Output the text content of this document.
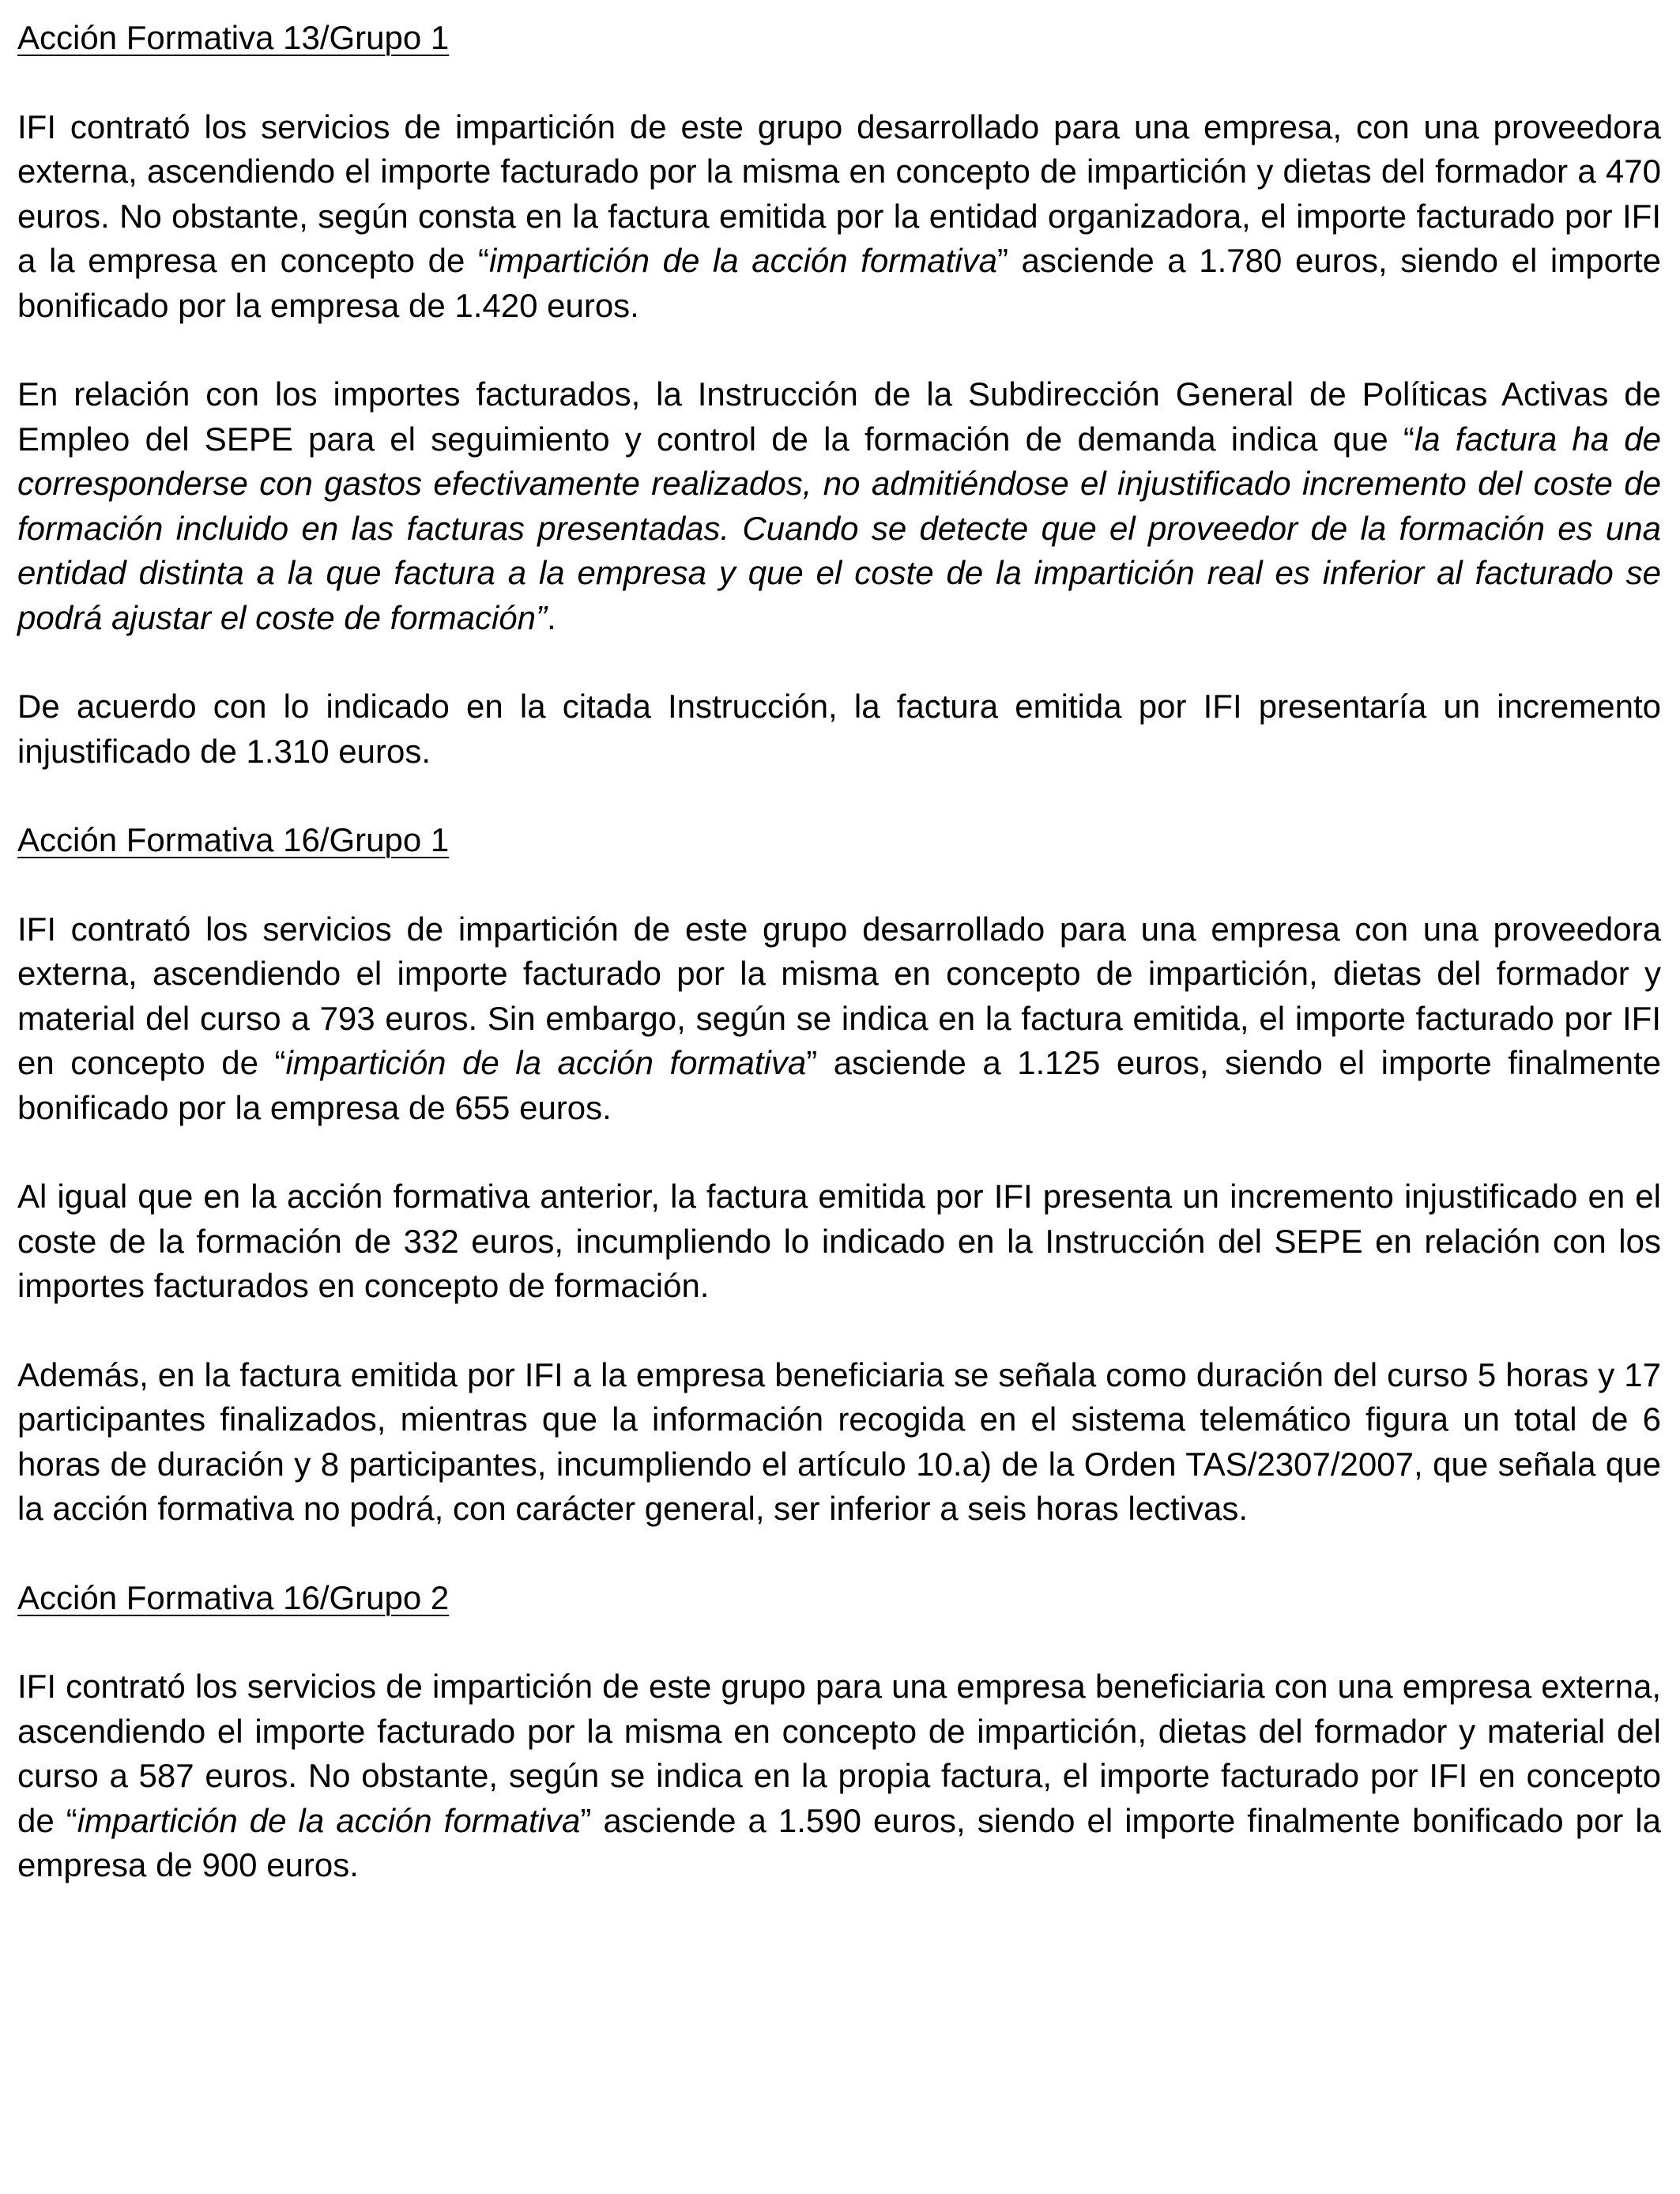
Acción Formativa 13/Grupo 1
IFI contrató los servicios de impartición de este grupo desarrollado para una empresa, con una proveedora externa, ascendiendo el importe facturado por la misma en concepto de impartición y dietas del formador a 470 euros. No obstante, según consta en la factura emitida por la entidad organizadora, el importe facturado por IFI a la empresa en concepto de “impartición de la acción formativa” asciende a 1.780 euros, siendo el importe bonificado por la empresa de 1.420 euros.
En relación con los importes facturados, la Instrucción de la Subdirección General de Políticas Activas de Empleo del SEPE para el seguimiento y control de la formación de demanda indica que “la factura ha de corresponderse con gastos efectivamente realizados, no admitiéndose el injustificado incremento del coste de formación incluido en las facturas presentadas. Cuando se detecte que el proveedor de la formación es una entidad distinta a la que factura a la empresa y que el coste de la impartición real es inferior al facturado se podrá ajustar el coste de formación”.
De acuerdo con lo indicado en la citada Instrucción, la factura emitida por IFI presentaría un incremento injustificado de 1.310 euros.
Acción Formativa 16/Grupo 1
IFI contrató los servicios de impartición de este grupo desarrollado para una empresa con una proveedora externa, ascendiendo el importe facturado por la misma en concepto de impartición, dietas del formador y material del curso a 793 euros. Sin embargo, según se indica en la factura emitida, el importe facturado por IFI en concepto de “impartición de la acción formativa” asciende a 1.125 euros, siendo el importe finalmente bonificado por la empresa de 655 euros.
Al igual que en la acción formativa anterior, la factura emitida por IFI presenta un incremento injustificado en el coste de la formación de 332 euros, incumpliendo lo indicado en la Instrucción del SEPE en relación con los importes facturados en concepto de formación.
Además, en la factura emitida por IFI a la empresa beneficiaria se señala como duración del curso 5 horas y 17 participantes finalizados, mientras que la información recogida en el sistema telemático figura un total de 6 horas de duración y 8 participantes, incumpliendo el artículo 10.a) de la Orden TAS/2307/2007, que señala que la acción formativa no podrá, con carácter general, ser inferior a seis horas lectivas.
Acción Formativa 16/Grupo 2
IFI contrató los servicios de impartición de este grupo para una empresa beneficiaria con una empresa externa, ascendiendo el importe facturado por la misma en concepto de impartición, dietas del formador y material del curso a 587 euros. No obstante, según se indica en la propia factura, el importe facturado por IFI en concepto de “impartición de la acción formativa” asciende a 1.590 euros, siendo el importe finalmente bonificado por la empresa de 900 euros.
